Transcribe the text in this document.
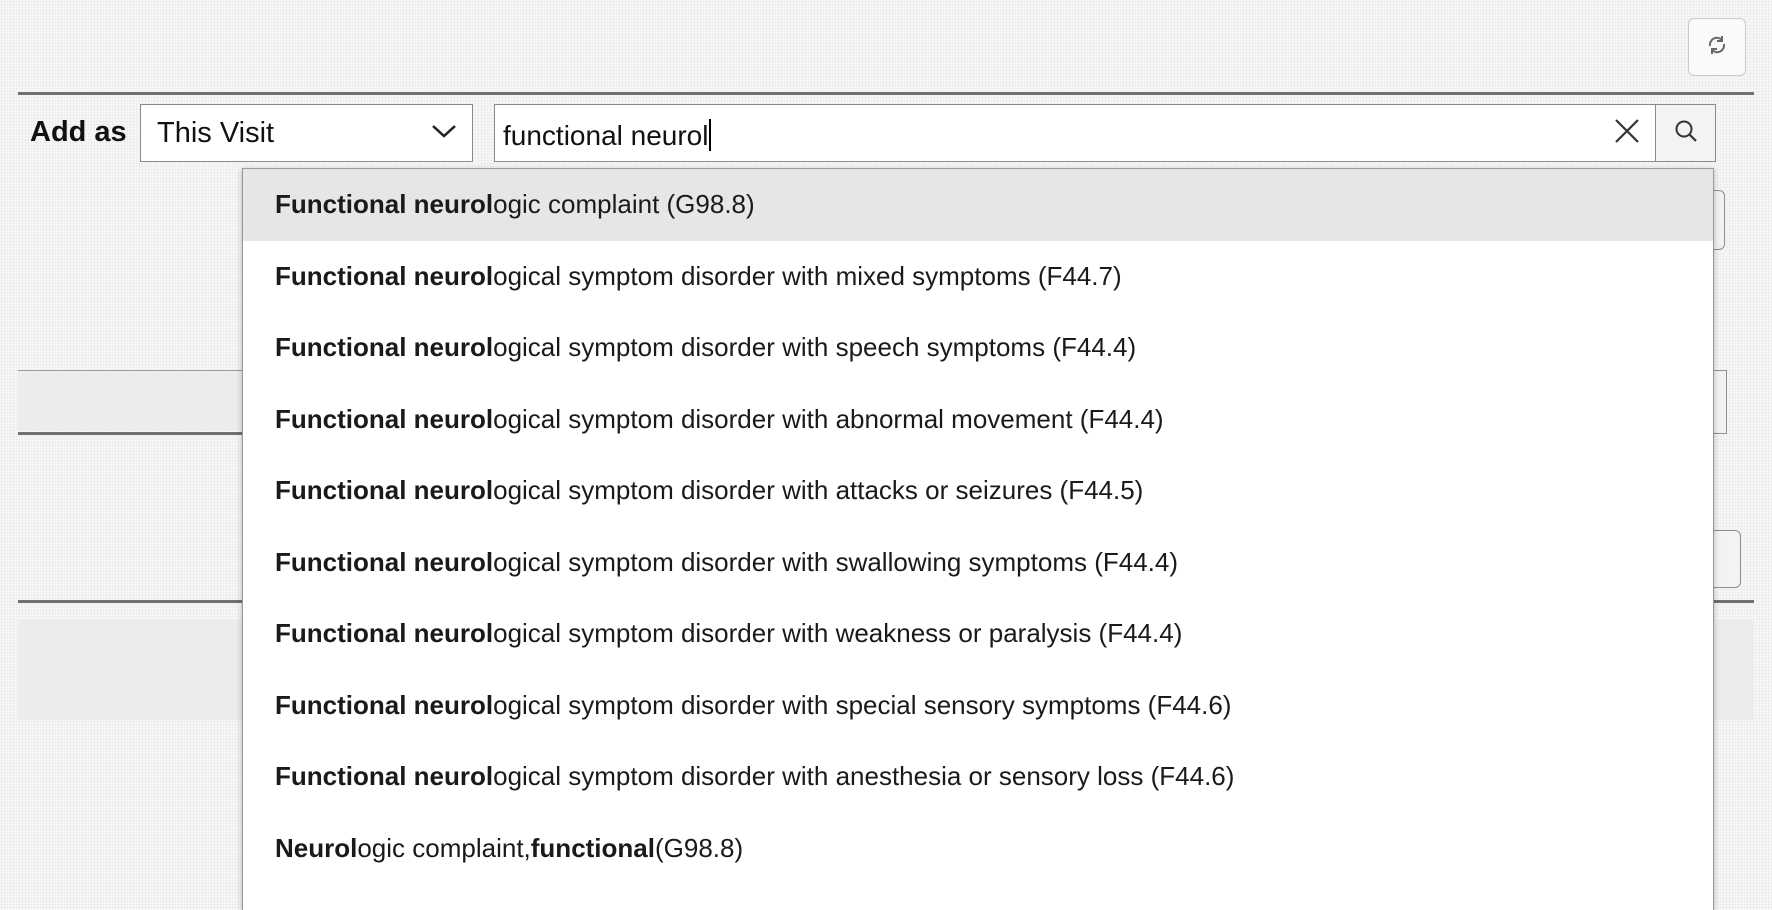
Add as This Visit	functional neurol
Functional neurol ogic complaint (G98.8)
Functional neurol ogical symptom disorder with mixed symptoms (F44.7)
Functional neurol ogical symptom disorder with speech symptoms (F44.4)
Functional neurol ogical symptom disorder with abnormal movement (F44.4)
Functional neurol ogical symptom disorder with attacks or seizures (F44.5)
Functional neurol ogical symptom disorder with swallowing symptoms (F44.4)
Functional neurol ogical symptom disorder with weakness or paralysis (F44.4)
Functional neurol ogical symptom disorder with special sensory symptoms (F44.6)
Functional neurol ogical symptom disorder with anesthesia or sensory loss (F44.6)
Neurol ogic complaint, functional (G98.8)
